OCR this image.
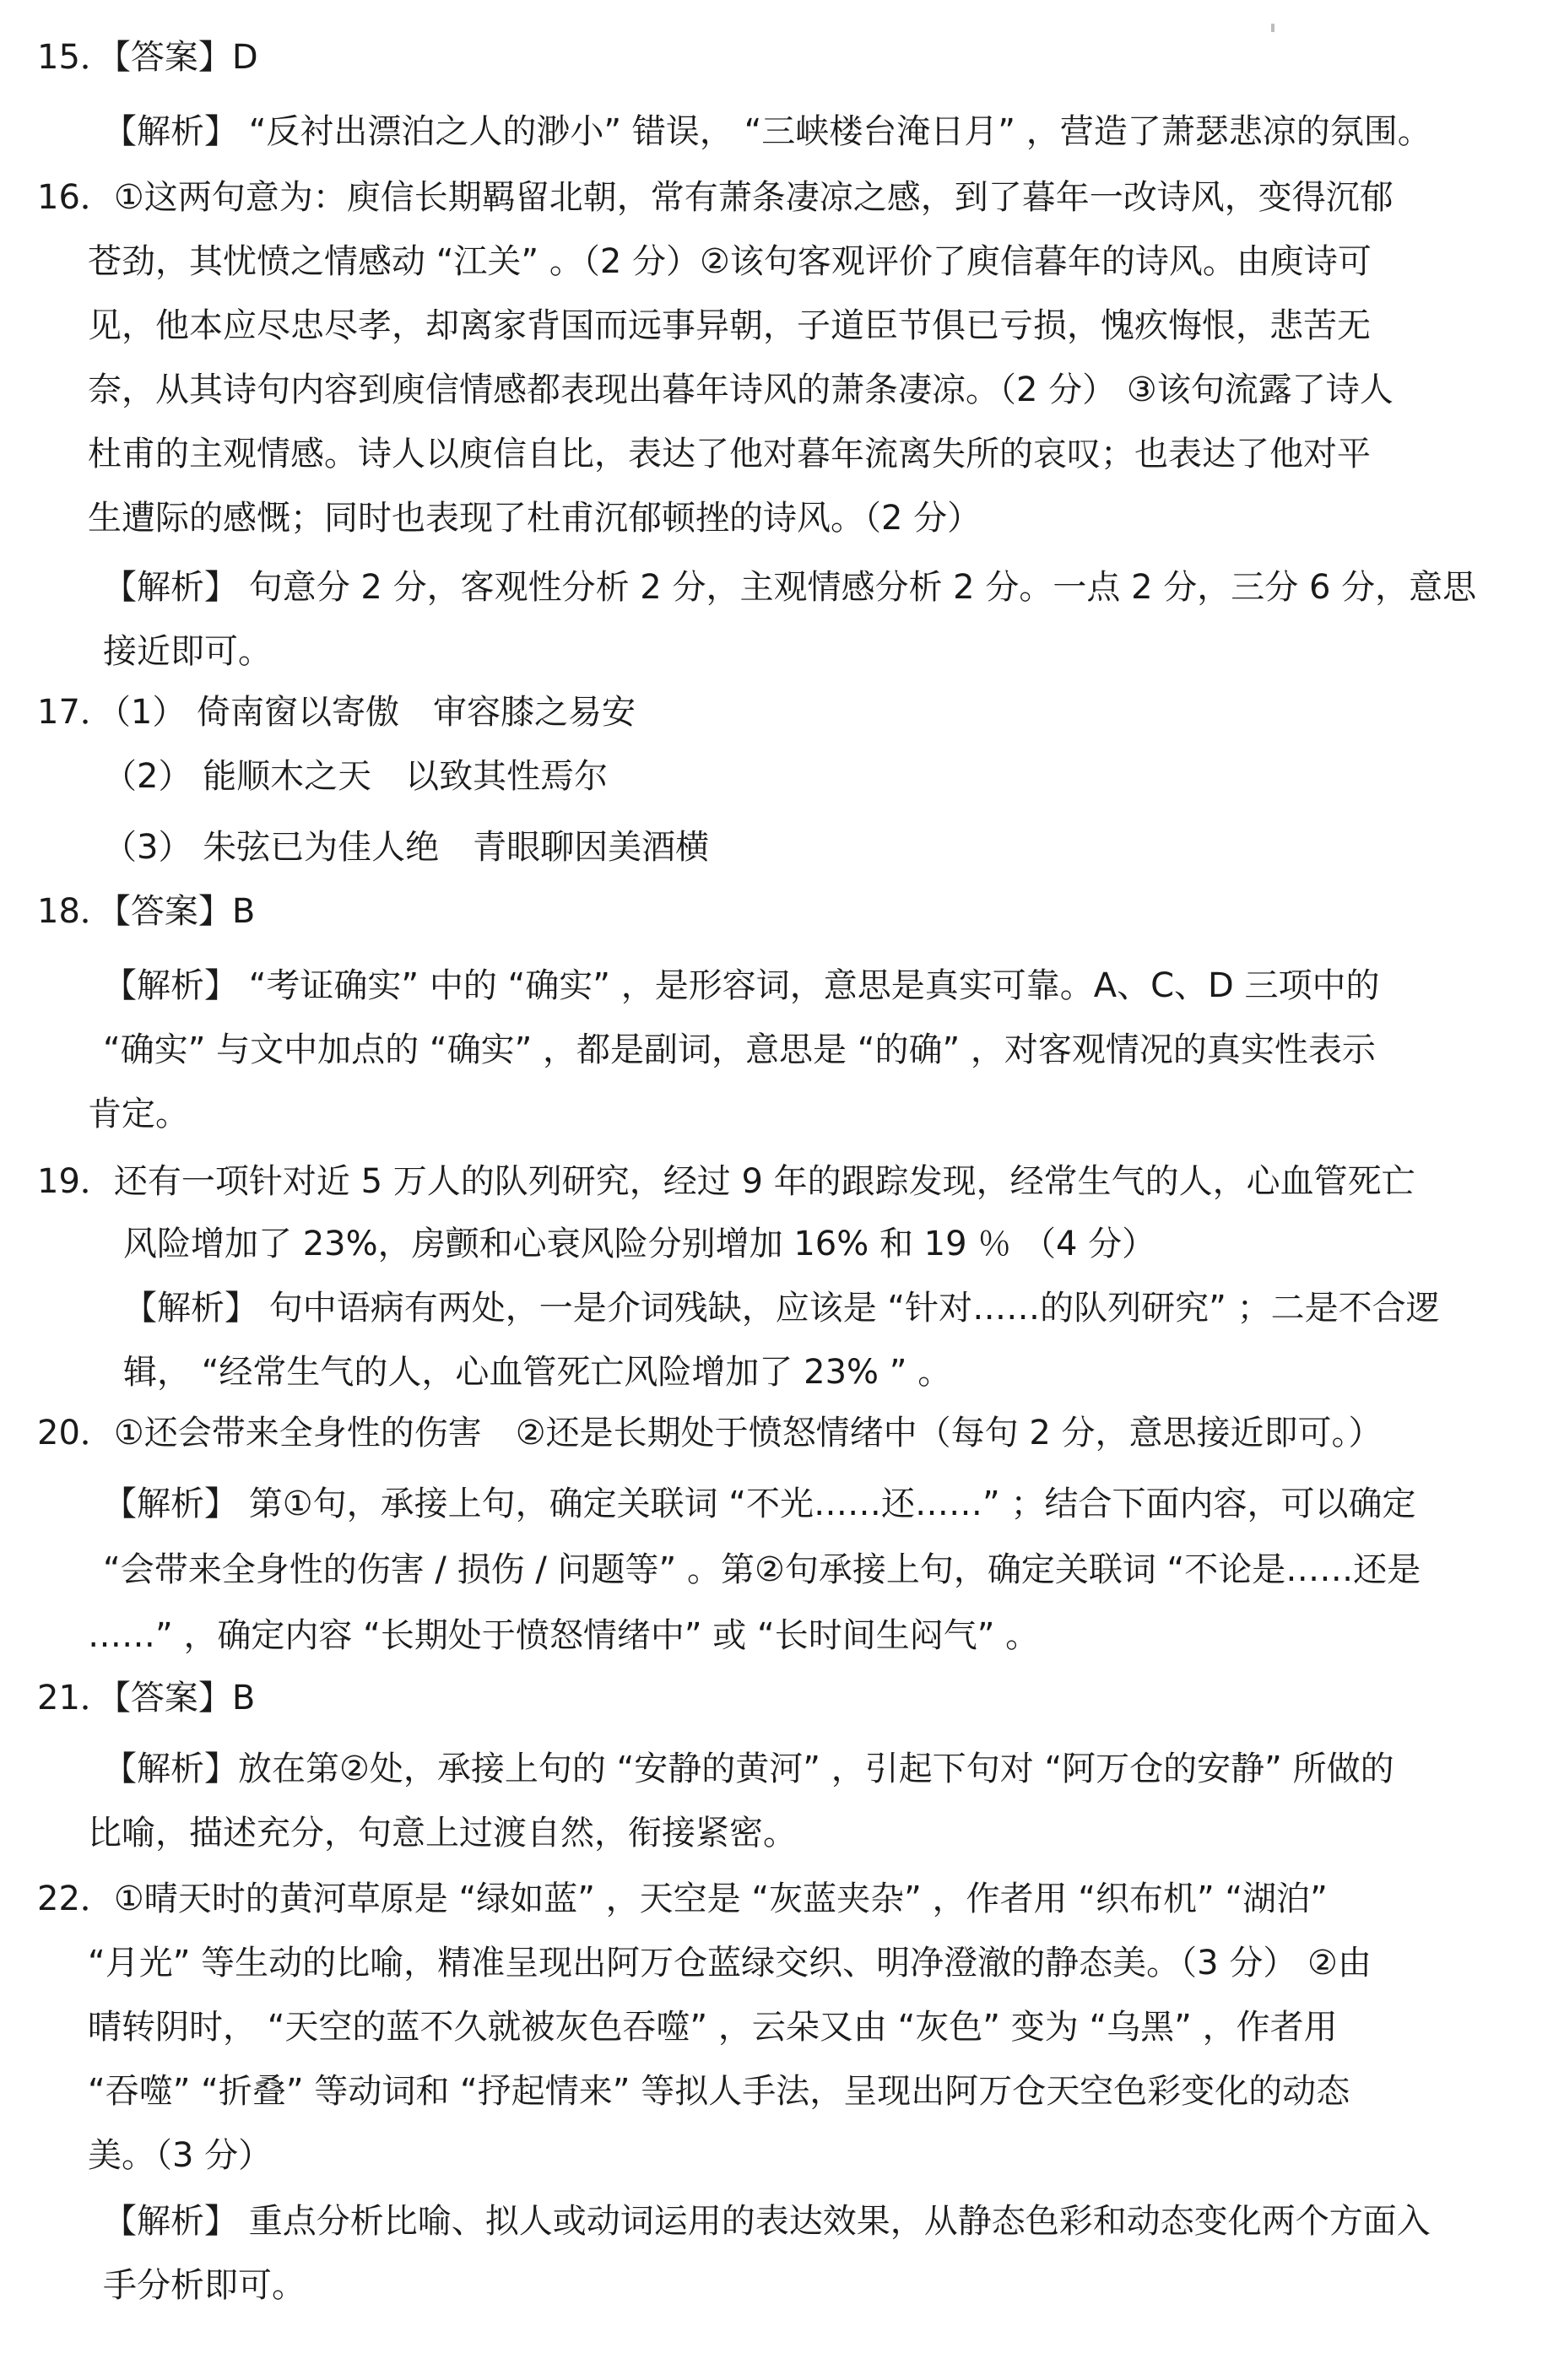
15．【答案】D
【解析】 “反衬出漂泊之人的渺小” 错误， “三峡楼台淹日月” ，营造了萧瑟悲凉的氛围。
16．①这两句意为：庾信长期羁留北朝，常有萧条凄凉之感，到了暮年一改诗风，变得沉郁
苍劲，其忧愤之情感动 “江关” 。（2 分）②该句客观评价了庾信暮年的诗风。由庾诗可
见，他本应尽忠尽孝，却离家背国而远事异朝，子道臣节俱已亏损，愧疚悔恨，悲苦无
奈，从其诗句内容到庾信情感都表现出暮年诗风的萧条凄凉。（2 分） ③该句流露了诗人
杜甫的主观情感。诗人以庾信自比，表达了他对暮年流离失所的哀叹；也表达了他对平
生遭际的感慨；同时也表现了杜甫沉郁顿挫的诗风。（2 分）
【解析】 句意分 2 分，客观性分析 2 分，主观情感分析 2 分。一点 2 分，三分 6 分，意思
接近即可。
17．（1） 倚南窗以寄傲　审容膝之易安
（2） 能顺木之天　以致其性焉尔
（3） 朱弦已为佳人绝　青眼聊因美酒横
18．【答案】B
【解析】 “考证确实” 中的 “确实” ，是形容词，意思是真实可靠。A、C、D 三项中的
“确实” 与文中加点的 “确实” ，都是副词，意思是 “的确” ，对客观情况的真实性表示
肯定。
19．还有一项针对近 5 万人的队列研究，经过 9 年的跟踪发现，经常生气的人，心血管死亡
风险增加了 23%，房颤和心衰风险分别增加 16% 和 19 ％ （4 分）
【解析】 句中语病有两处，一是介词残缺，应该是 “针对……的队列研究” ；二是不合逻
辑， “经常生气的人，心血管死亡风险增加了 23% ” 。
20．①还会带来全身性的伤害　②还是长期处于愤怒情绪中（每句 2 分，意思接近即可。）
【解析】 第①句，承接上句，确定关联词 “不光……还……” ；结合下面内容，可以确定
“会带来全身性的伤害 / 损伤 / 问题等” 。第②句承接上句，确定关联词 “不论是……还是
……” ，确定内容 “长期处于愤怒情绪中” 或 “长时间生闷气” 。
21．【答案】B
【解析】放在第②处，承接上句的 “安静的黄河” ，引起下句对 “阿万仓的安静” 所做的
比喻，描述充分，句意上过渡自然，衔接紧密。
22．①晴天时的黄河草原是 “绿如蓝” ，天空是 “灰蓝夹杂” ，作者用 “织布机” “湖泊”
“月光” 等生动的比喻，精准呈现出阿万仓蓝绿交织、明净澄澈的静态美。（3 分） ②由
晴转阴时， “天空的蓝不久就被灰色吞噬” ，云朵又由 “灰色” 变为 “乌黑” ，作者用
“吞噬” “折叠” 等动词和 “抒起情来” 等拟人手法，呈现出阿万仓天空色彩变化的动态
美。（3 分）
【解析】 重点分析比喻、拟人或动词运用的表达效果，从静态色彩和动态变化两个方面入
手分析即可。
